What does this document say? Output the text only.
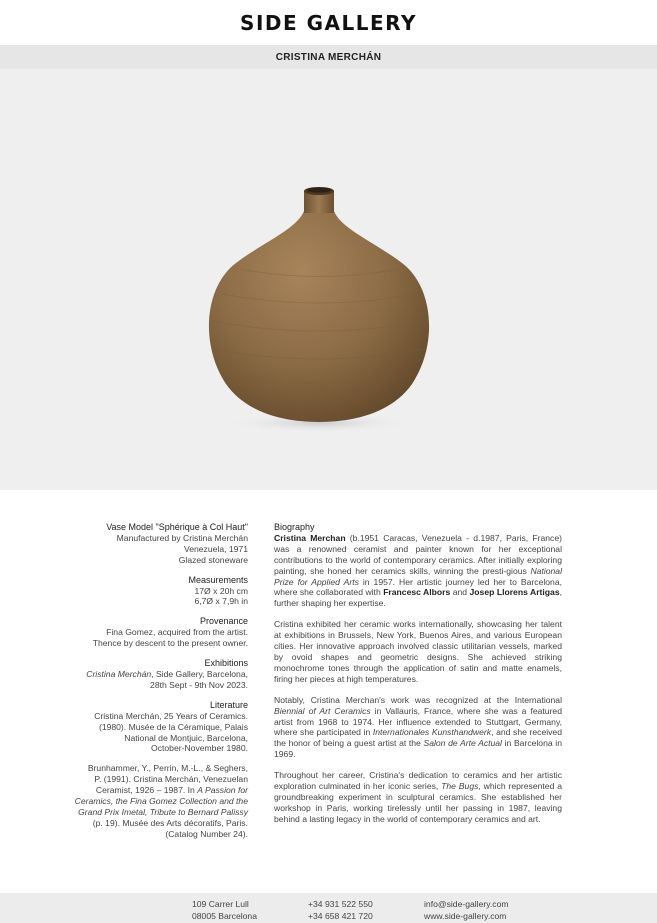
SIDE GALLERY
CRISTINA MERCHÁN
Vase Model "Sphérique à Col Haut"
Manufactured by Cristina Merchán
Venezuela, 1971
Glazed stoneware
Measurements
17Ø x 20h cm
6,7Ø x 7,9h in
Provenance
Fina Gomez, acquired from the artist.
Thence by descent to the present owner.
Exhibitions
Cristina Merchán, Side Gallery, Barcelona,
28th Sept - 9th Nov 2023.
Literature
Cristina Merchán, 25 Years of Ceramics.
(1980). Musée de la Céramique, Palais
National de Montjuic, Barcelona,
October-November 1980.
Brunhammer, Y., Perrin, M.-L., & Seghers,
P. (1991). Cristina Merchán, Venezuelan
Ceramist, 1926 – 1987. In A Passion for
Ceramics, the Fina Gomez Collection and the
Grand Prix Imetal, Tribute to Bernard Palissy
(p. 19). Musée des Arts décoratifs, Paris.
(Catalog Number 24).
Biography

Cristina Merchan (b.1951 Caracas, Venezuela - d.1987, Paris, France) was a renowned ceramist and painter known for her exceptional contributions to the world of contemporary ceramics. After initially exploring painting, she honed her ceramics skills, winning the presti-gious National Prize for Applied Arts in 1957. Her artistic journey led her to Barcelona, where she collaborated with Francesc Albors and Josep Llorens Artigas, further shaping her expertise.

Cristina exhibited her ceramic works internationally, showcasing her talent at exhibitions in Brussels, New York, Buenos Aires, and various European cities. Her innovative approach involved classic utilitarian vessels, marked by ovoid shapes and geometric designs. She achieved striking monochrome tones through the application of satin and matte enamels, firing her pieces at high temperatures.

Notably, Cristina Merchan's work was recognized at the International Biennial of Art Ceramics in Vallauris, France, where she was a featured artist from 1968 to 1974. Her influence extended to Stuttgart, Germany, where she participated in Internationales Kunsthandwerk, and she received the honor of being a guest artist at the Salon de Arte Actual in Barcelona in 1969.

Throughout her career, Cristina's dedication to ceramics and her artistic exploration culminated in her iconic series, The Bugs, which represented a groundbreaking experiment in sculptural ceramics. She established her workshop in Paris, working tirelessly until her passing in 1987, leaving behind a lasting legacy in the world of contemporary ceramics and art.

109 Carrer Lull
08005 Barcelona
+34 931 522 550
+34 658 421 720
info@side-gallery.com
www.side-gallery.com
